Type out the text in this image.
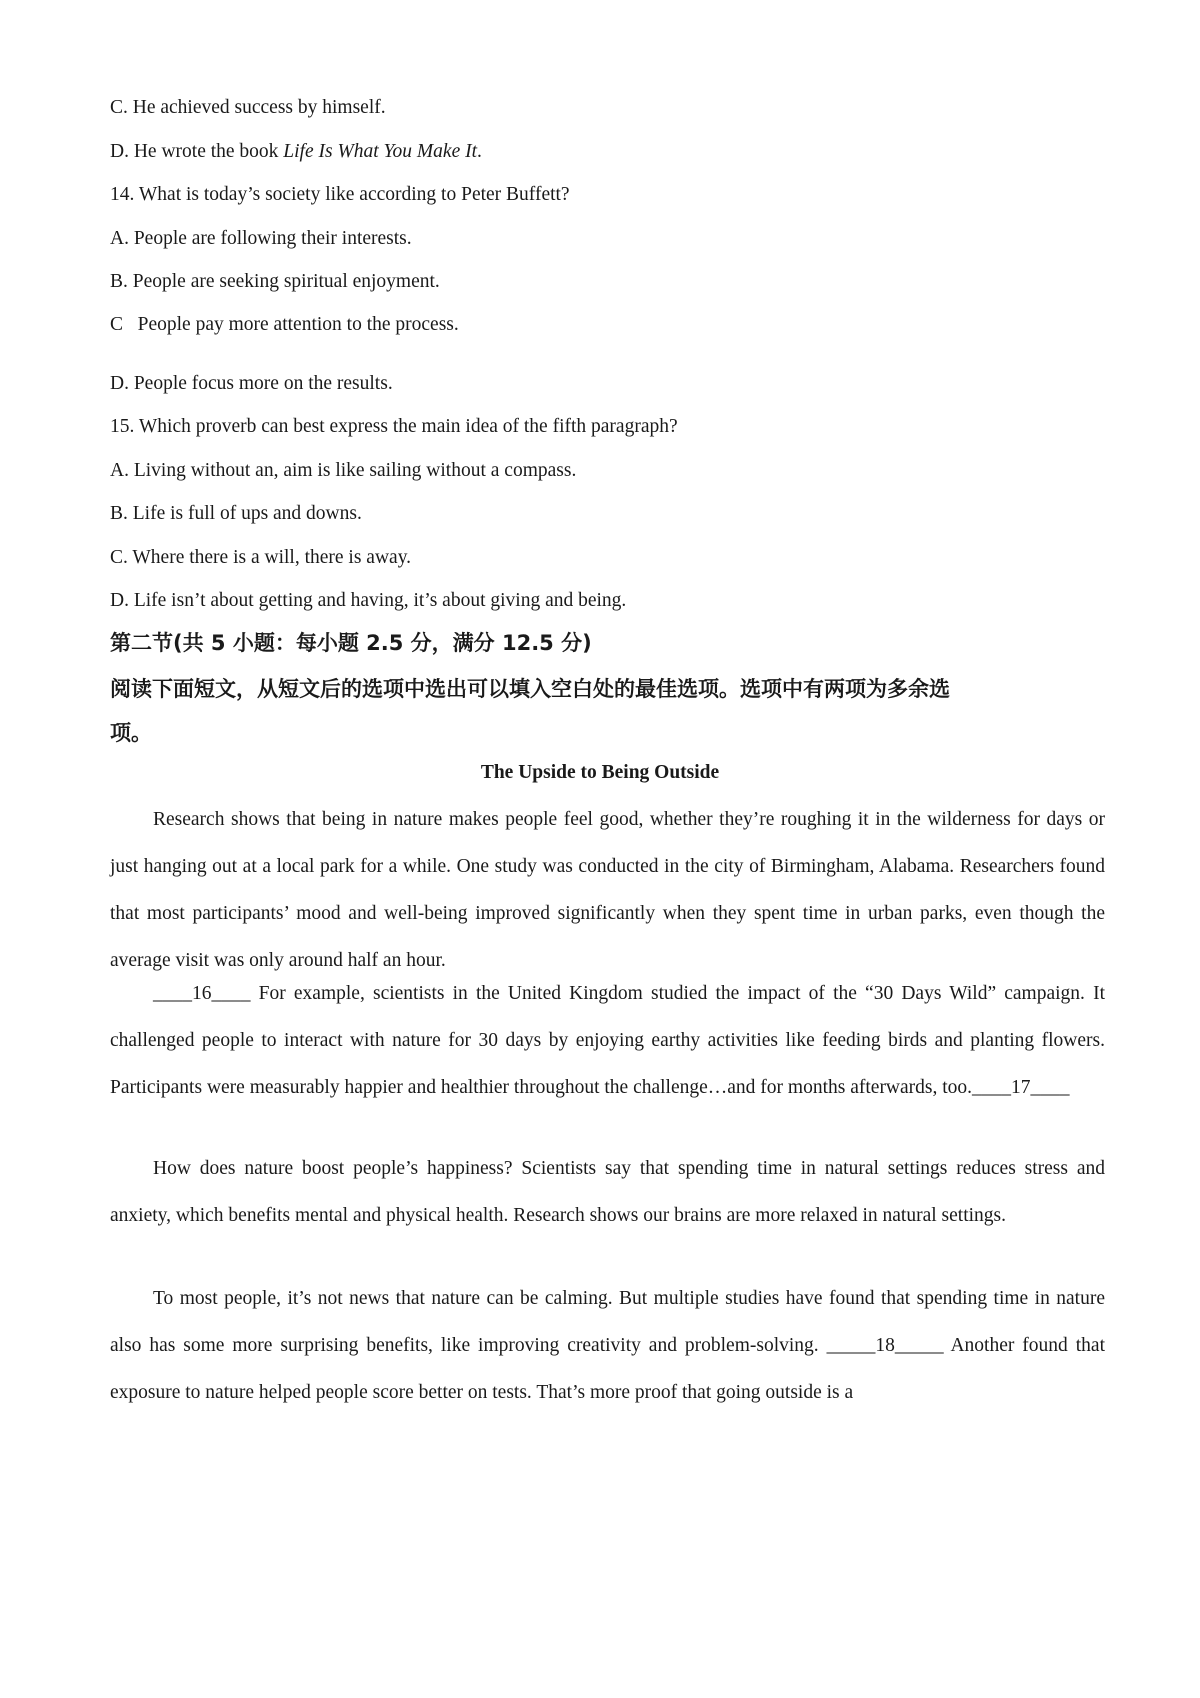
C. He achieved success by himself.
D. He wrote the book Life Is What You Make It.
14. What is today’s society like according to Peter Buffett?
A. People are following their interests.
B. People are seeking spiritual enjoyment.
C   People pay more attention to the process.
D. People focus more on the results.
15. Which proverb can best express the main idea of the fifth paragraph?
A. Living without an, aim is like sailing without a compass.
B. Life is full of ups and downs.
C. Where there is a will, there is away.
D. Life isn’t about getting and having, it’s about giving and being.
第二节(共 5 小题：每小题 2.5 分，满分 12.5 分)
阅读下面短文，从短文后的选项中选出可以填入空白处的最佳选项。选项中有两项为多余选
项。
The Upside to Being Outside

Research shows that being in nature makes people feel good, whether they’re roughing it in the wilderness for days or just hanging out at a local park for a while. One study was conducted in the city of Birmingham, Alabama. Researchers found that most participants’ mood and well-being improved significantly when they spent time in urban parks, even though the average visit was only around half an hour.

____16____ For example, scientists in the United Kingdom studied the impact of the “30 Days Wild” campaign. It challenged people to interact with nature for 30 days by enjoying earthy activities like feeding birds and planting flowers. Participants were measurably happier and healthier throughout the challenge…and for months afterwards, too.____17____

How does nature boost people’s happiness? Scientists say that spending time in natural settings reduces stress and anxiety, which benefits mental and physical health. Research shows our brains are more relaxed in natural settings.

To most people, it’s not news that nature can be calming. But multiple studies have found that spending time in nature also has some more surprising benefits, like improving creativity and problem-solving. _____18_____ Another found that exposure to nature helped people score better on tests. That’s more proof that going outside is a
